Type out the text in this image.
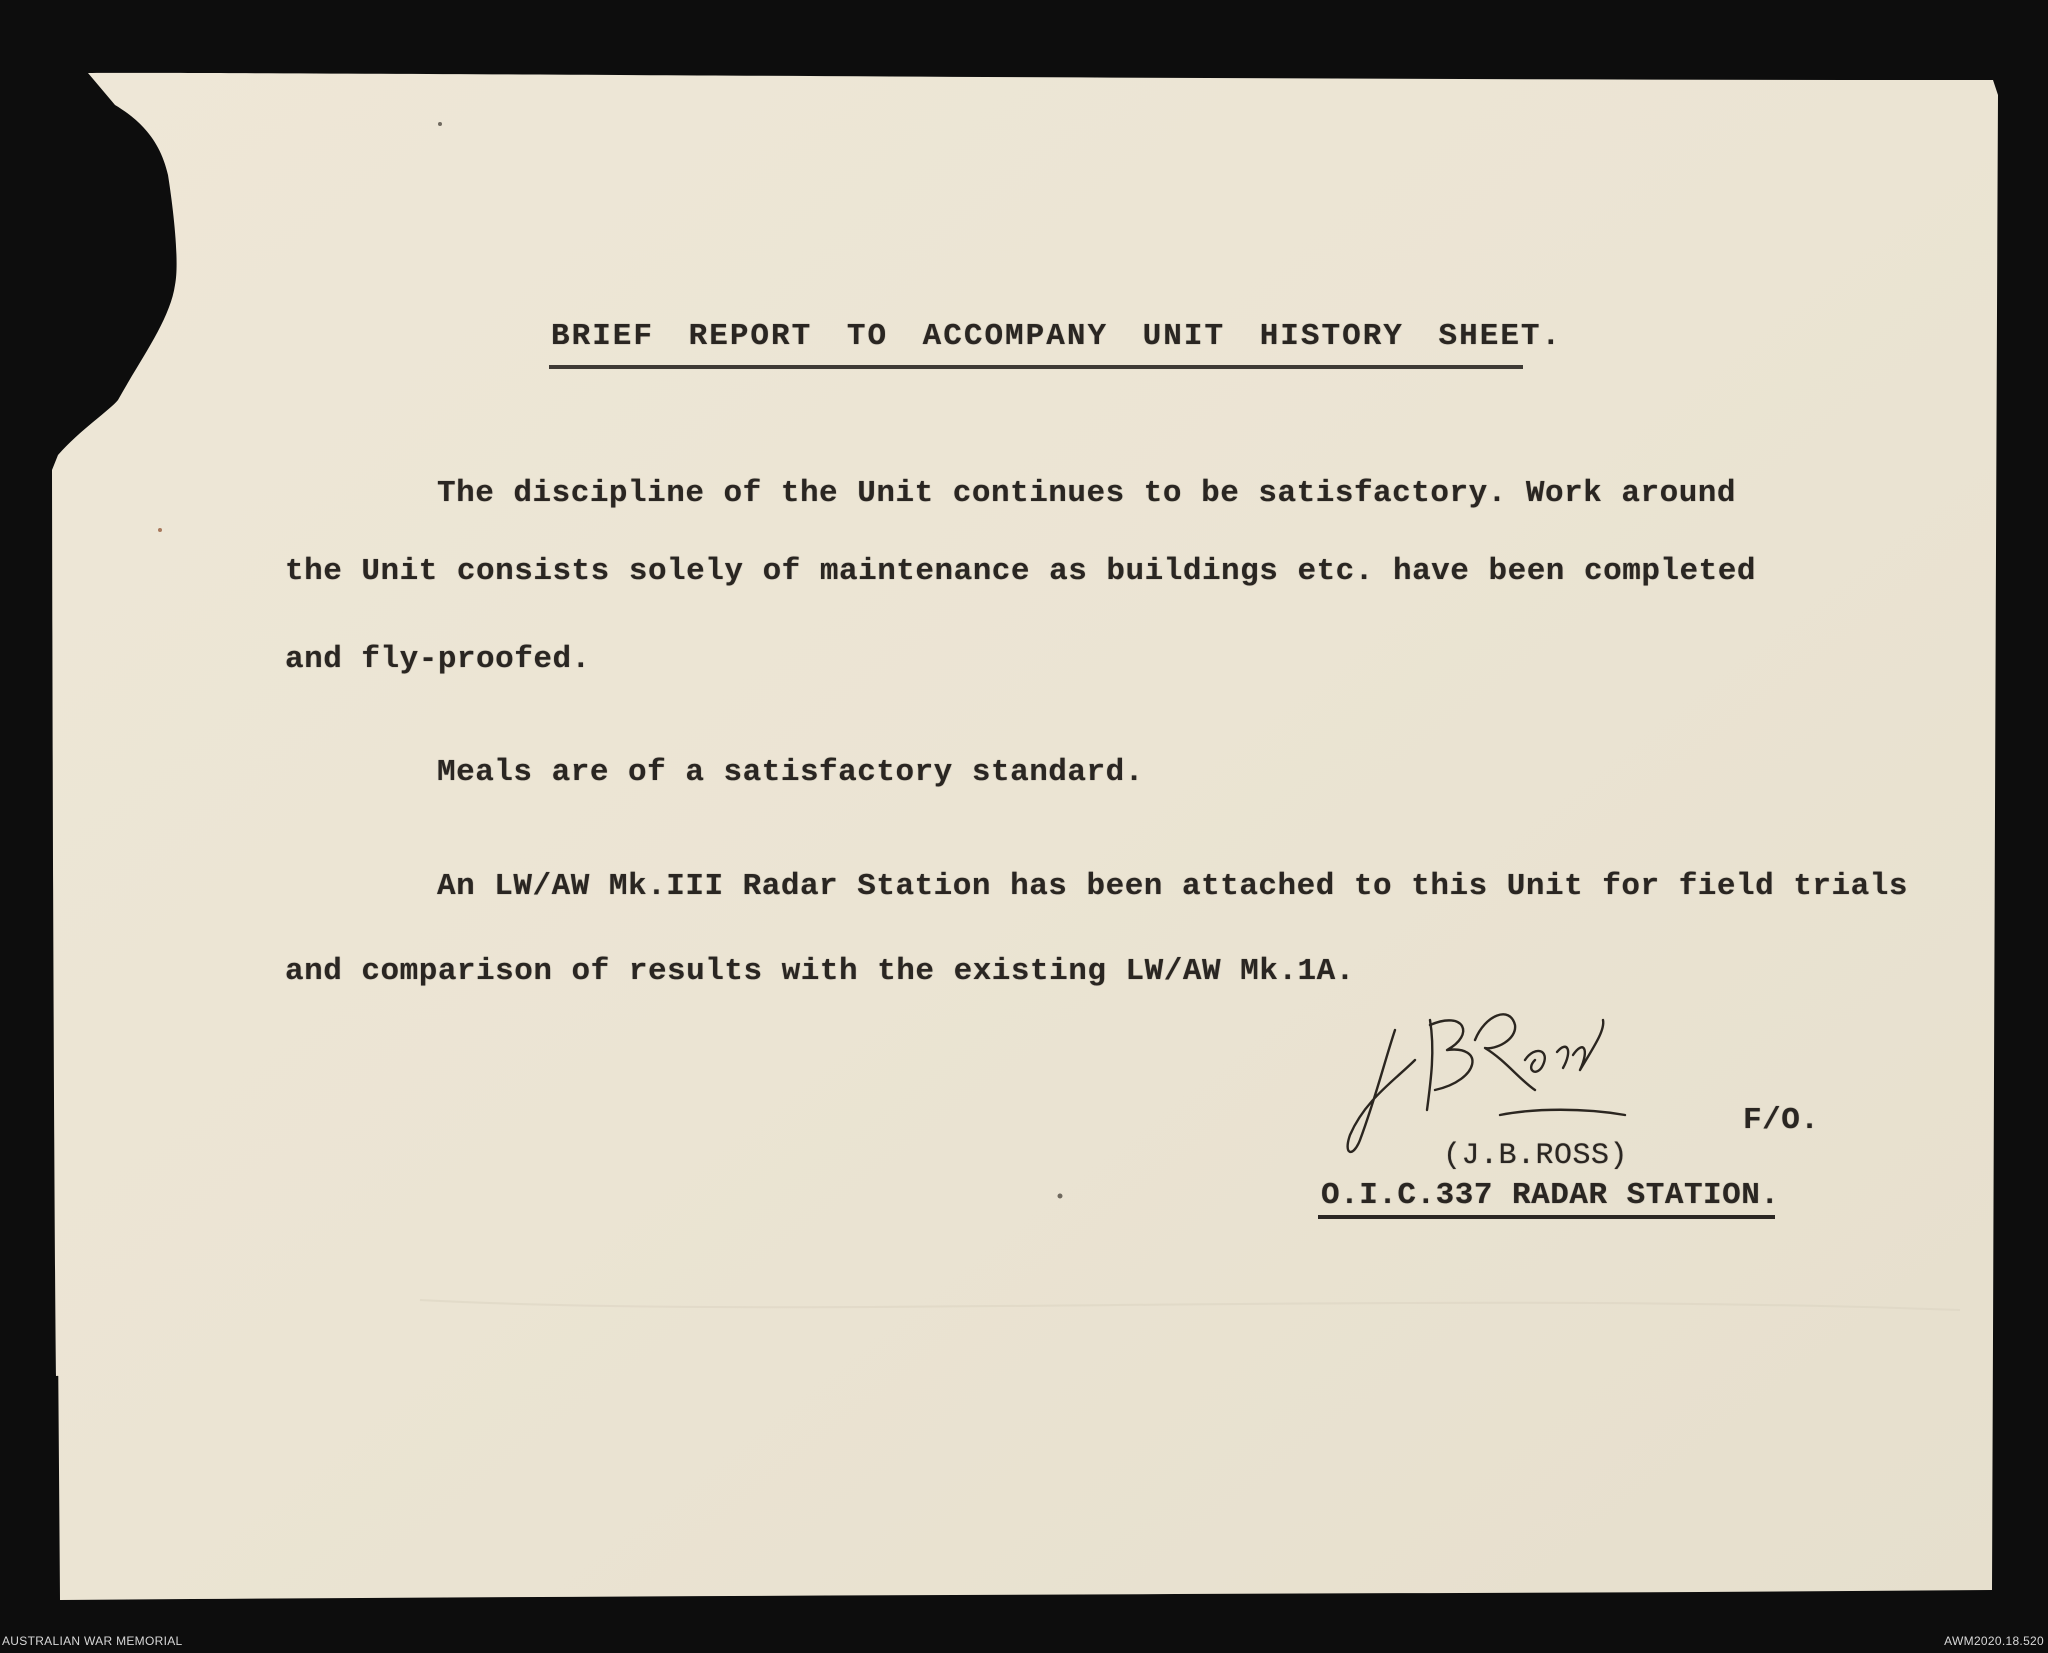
BRIEF REPORT TO ACCOMPANY UNIT HISTORY SHEET.
The discipline of the Unit continues to be satisfactory. Work around
the Unit consists solely of maintenance as buildings etc. have been completed
and fly-proofed.
Meals are of a satisfactory standard.
An LW/AW Mk.III Radar Station has been attached to this Unit for field trials
and comparison of results with the existing LW/AW Mk.1A.
F/O.
(J.B.ROSS)
O.I.C.337 RADAR STATION.
AUSTRALIAN WAR MEMORIAL	AWM2020.18.520
